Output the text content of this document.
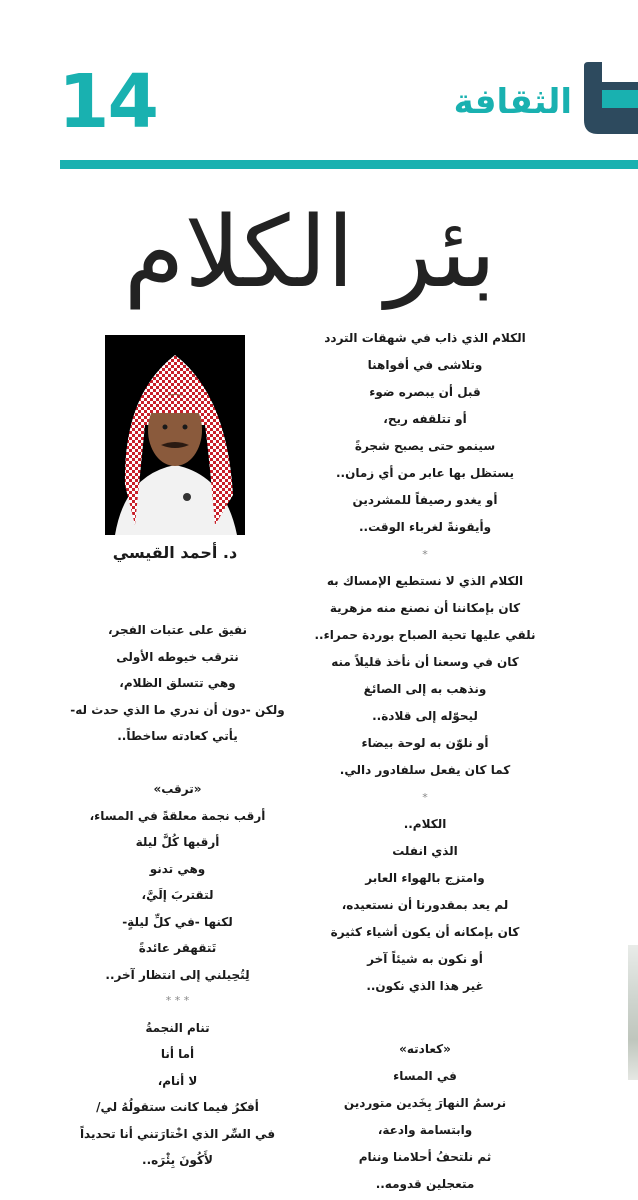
14	الثقافة
بئر الكلام
د. أحمد القيسي
الكلام الذي ذاب في شهقات التردد
وتلاشى في أفواهنا
قبل أن يبصره ضوء
أو تتلقفه ريح،
سينمو حتى يصبح شجرةً
يستظل بها عابر من أي زمان..
أو يغدو رصيفاً للمشردين
وأيقونةً لغرباء الوقت..
*
الكلام الذي لا نستطيع الإمساك به
كان بإمكاننا أن نصنع منه مزهرية
نلقي عليها تحية الصباح بوردة حمراء..
كان في وسعنا أن نأخذ قليلاً منه
ونذهب به إلى الصائغ
ليحوّله إلى قلادة..
أو نلوّن به لوحة بيضاء
كما كان يفعل سلفادور دالي.
*
الكلام..
الذي انفلت
وامتزج بالهواء العابر
لم يعد بمقدورنا أن نستعيده،
كان بإمكانه أن يكون أشياء كثيرة
أو نكون به شيئاً آخر
غير هذا الذي نكون..
«كعادته»
في المساء
نرسمُ النهارَ بِخَدين متوردين
وابتسامة وادعة،
ثم نلتحفُ أحلامنا وننام
متعجلين قدومه..
نفيق على عتبات الفجر،
نترقب خيوطه الأولى
وهي تتسلق الظلام،
ولكن -دون أن ندري ما الذي حدث له-
يأتي كعادته ساخطاً..
«ترقب»
أرقب نجمة معلقةً في المساء،
أرقبها كُلَّ ليلة
وهي تدنو
لتقتربَ إلَيَّ،
لكنها -في كلِّ ليلةٍ-
تَتقهقر عائدةً
لِتُحِيلني إلى انتظار آخر..
* * *
تنام النجمةُ
أما أنا
لا أنام،
أفكرُ فيما كانت ستقولُهُ لي/
في السِّر الذي اخْتارَتني أنا تحديداً
لأَكُونَ بِئْرَه..
